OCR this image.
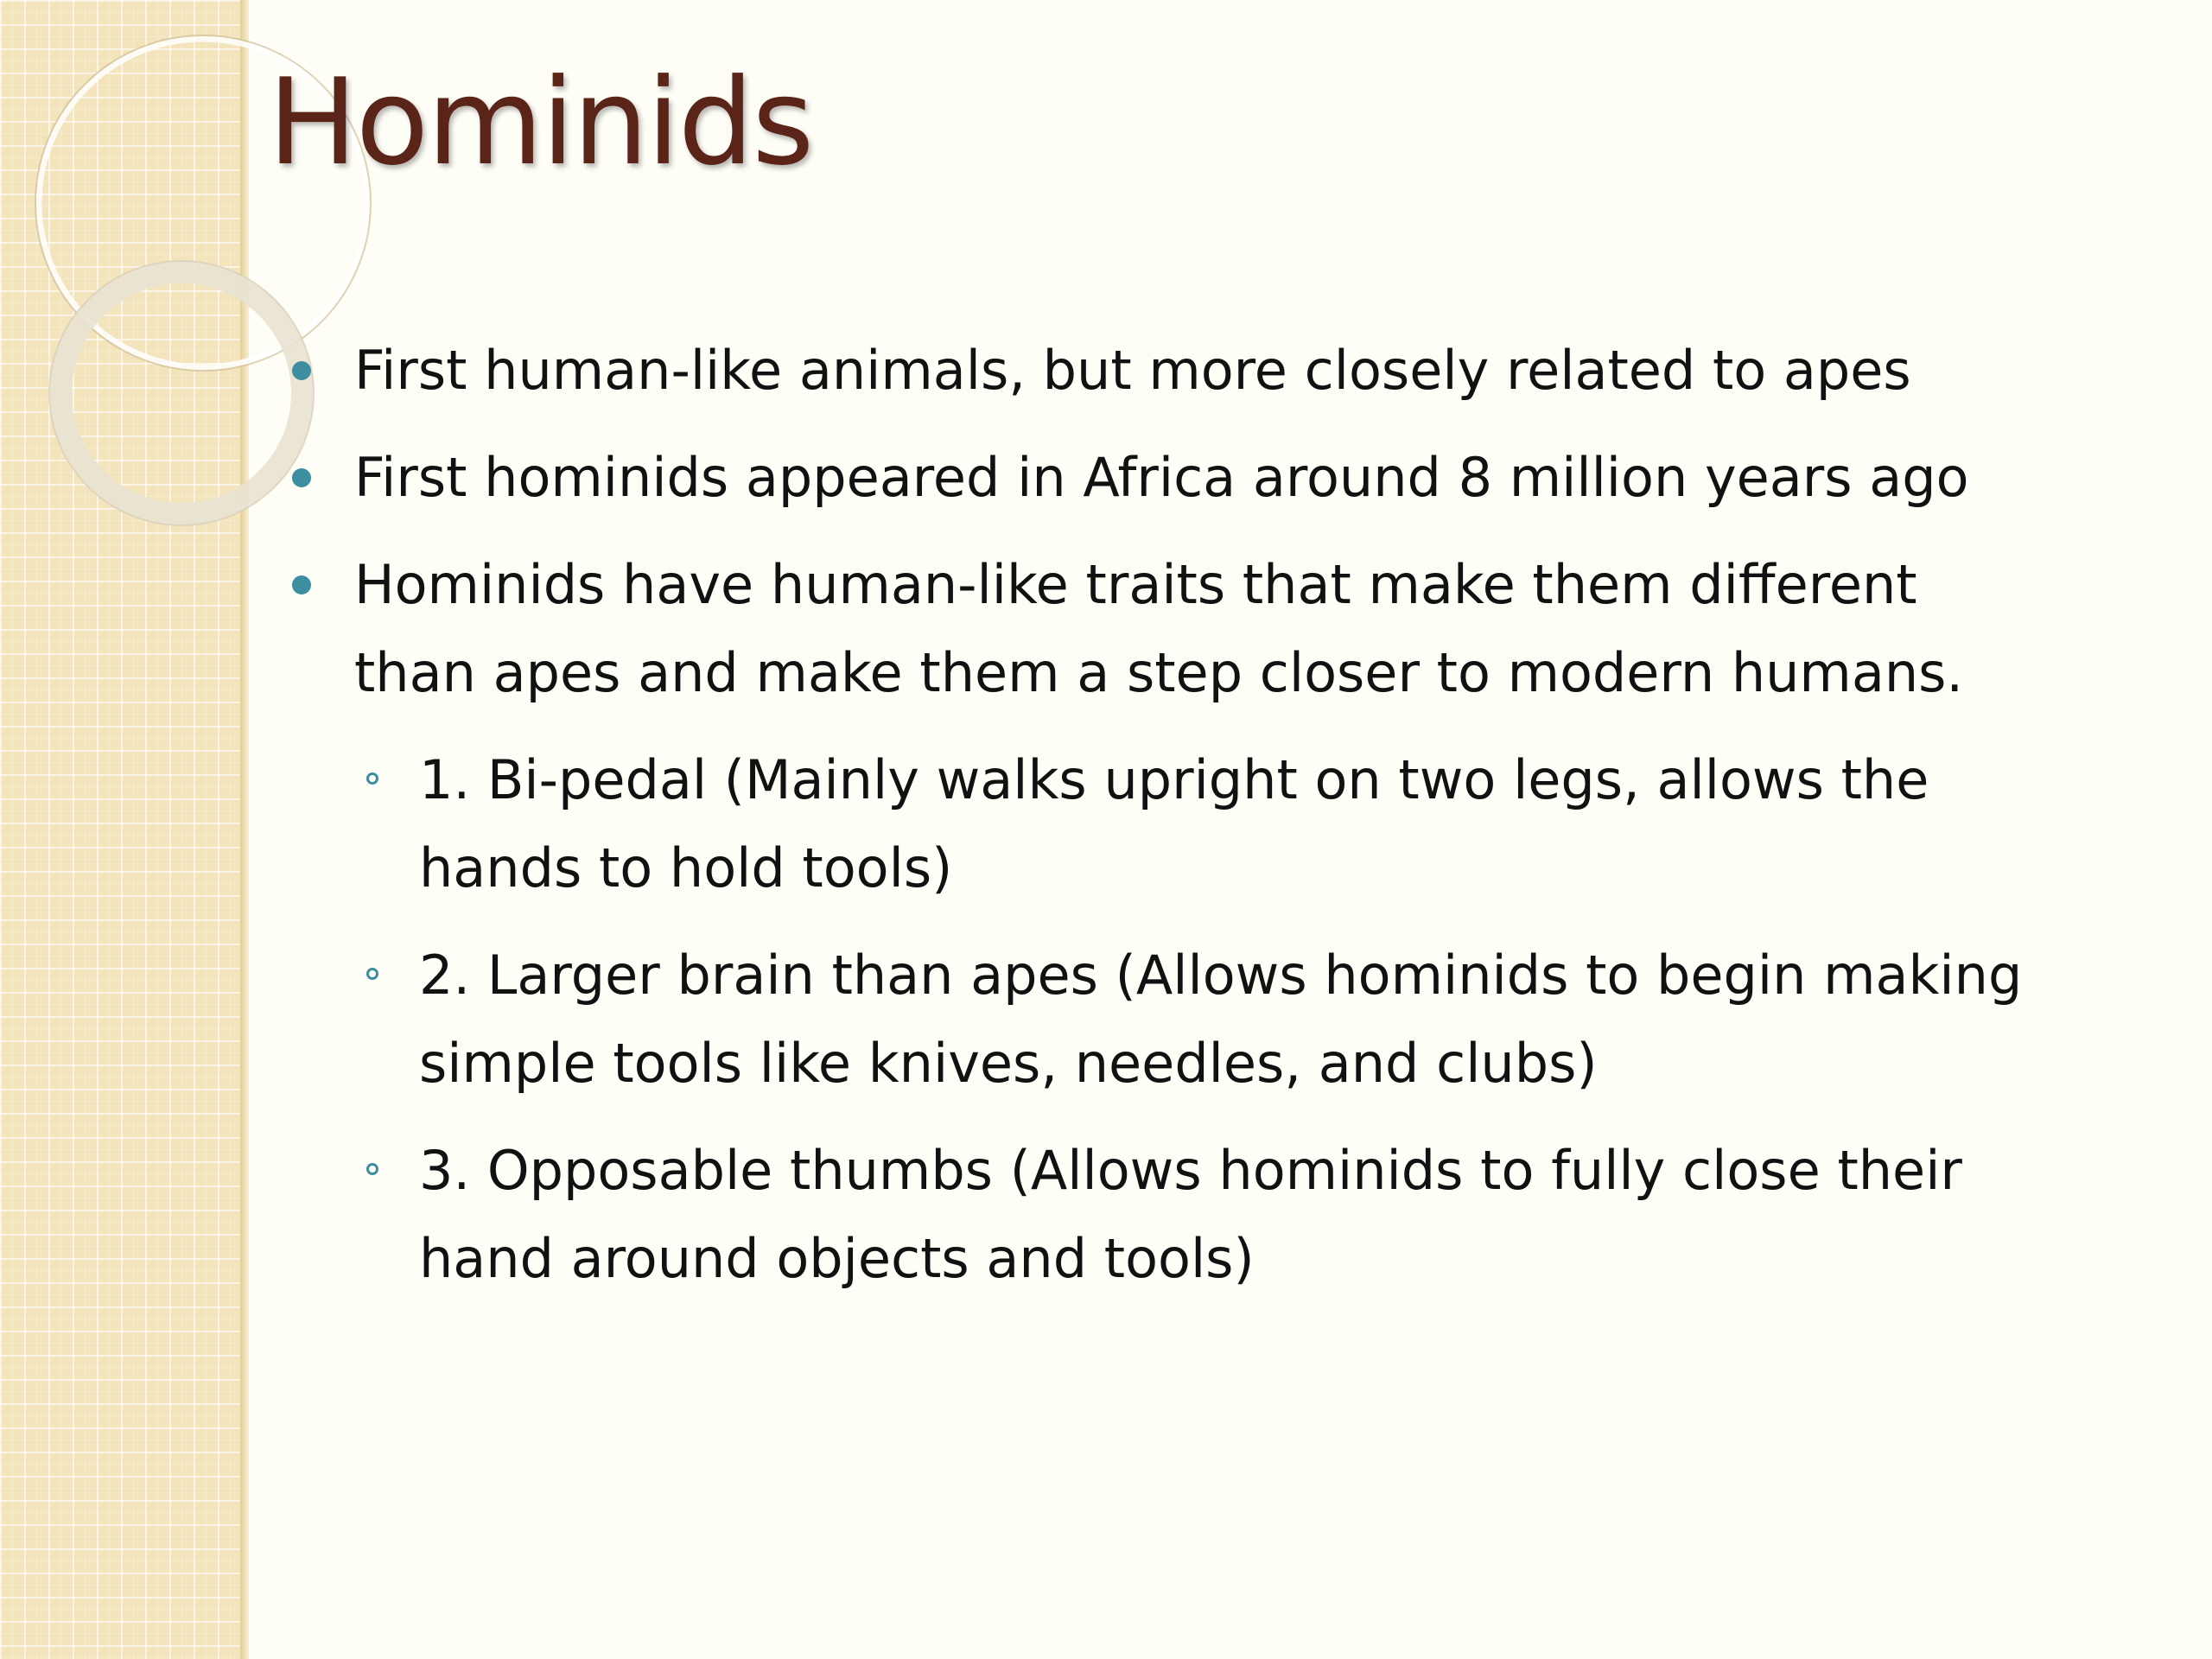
Hominids
First human-like animals, but more closely related to apes
First hominids appeared in Africa around 8 million years ago
Hominids have human-like traits that make them different
than apes and make them a step closer to modern humans.
1. Bi-pedal (Mainly walks upright on two legs, allows the
hands to hold tools)
2. Larger brain than apes (Allows hominids to begin making
simple tools like knives, needles, and clubs)
3. Opposable thumbs (Allows hominids to fully close their
hand around objects and tools)
